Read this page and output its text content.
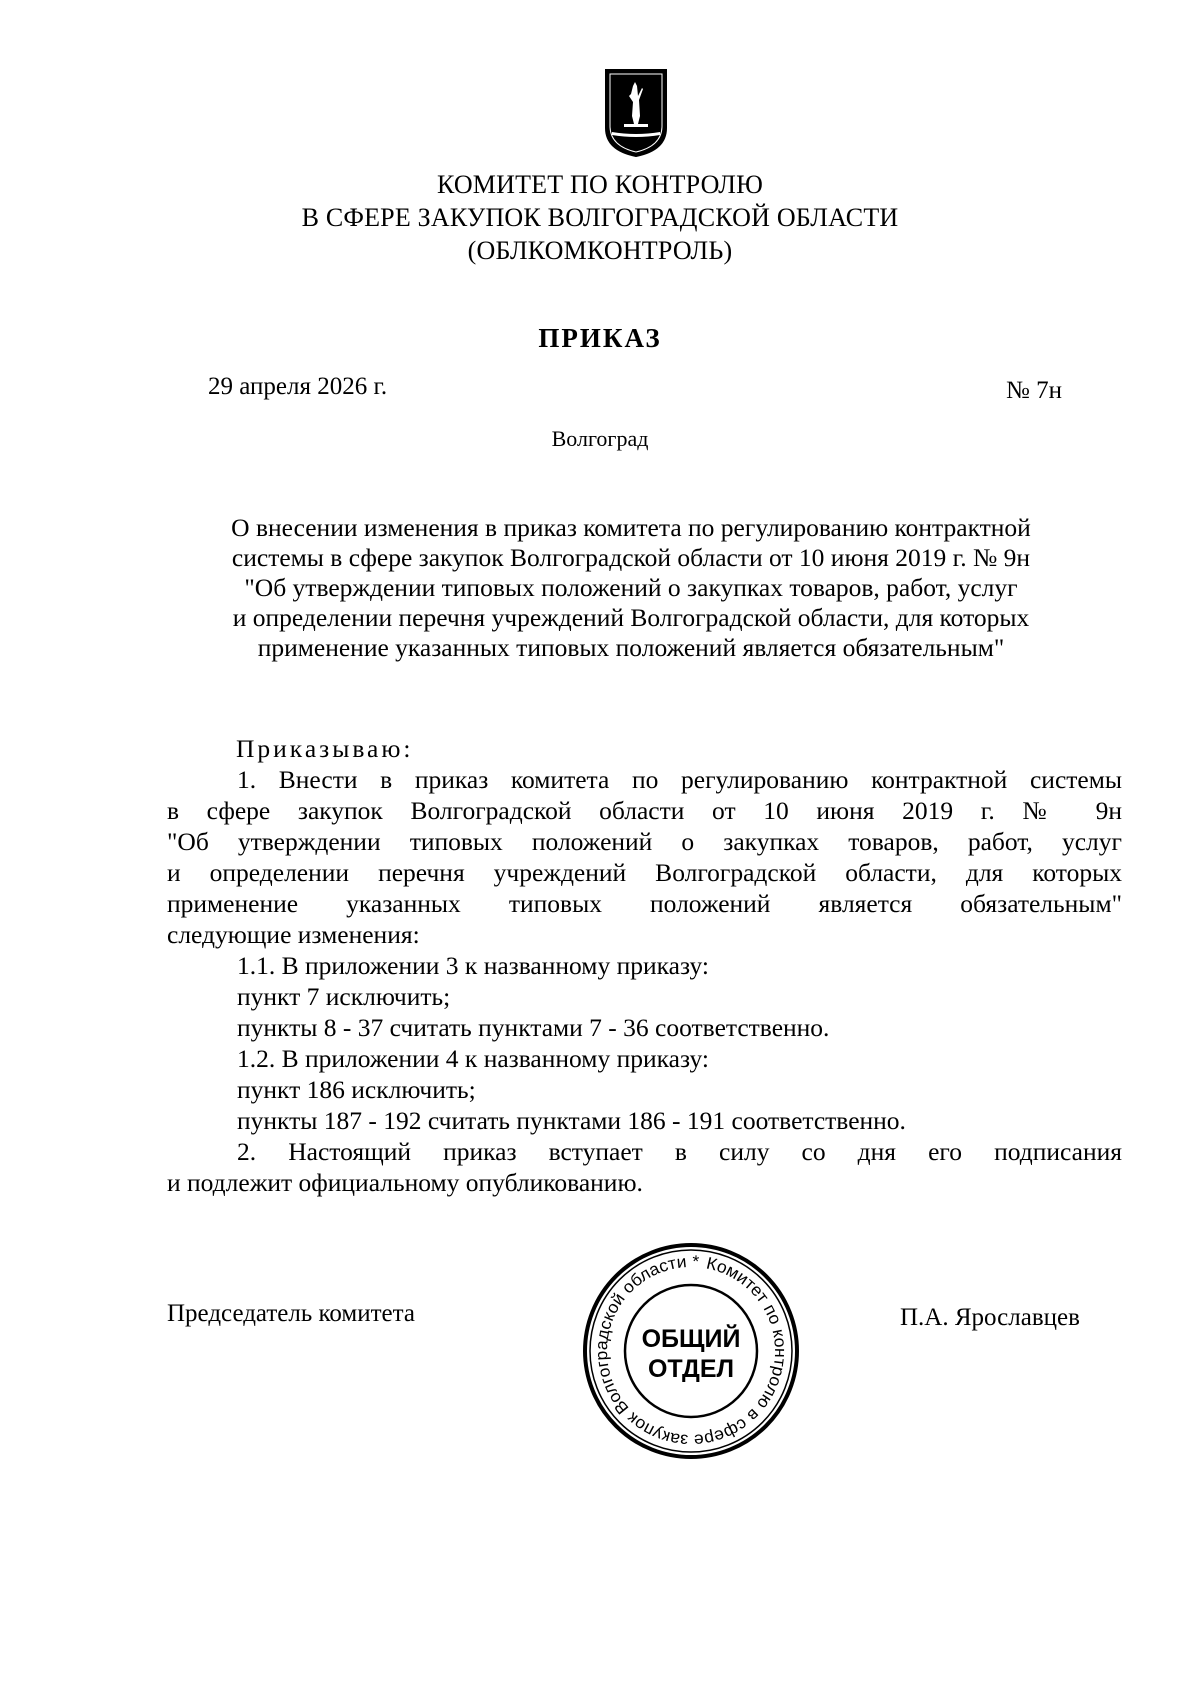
КОМИТЕТ ПО КОНТРОЛЮ
В СФЕРЕ ЗАКУПОК ВОЛГОГРАДСКОЙ ОБЛАСТИ
(ОБЛКОМКОНТРОЛЬ)
ПРИКАЗ
29 апреля 2026 г.	№ 7н
Волгоград
О внесении изменения в приказ комитета по регулированию контрактной
системы в сфере закупок Волгоградской области от 10 июня 2019 г. № 9н
"Об утверждении типовых положений о закупках товаров, работ, услуг
и определении перечня учреждений Волгоградской области, для которых
применение указанных типовых положений является обязательным"
Приказываю:
1. Внести в приказ комитета по регулированию контрактной системы
в сфере закупок Волгоградской области от 10 июня 2019 г. № 9н
"Об утверждении типовых положений о закупках товаров, работ, услуг
и определении перечня учреждений Волгоградской области, для которых
применение указанных типовых положений является обязательным"
следующие изменения:
1.1. В приложении 3 к названному приказу:
пункт 7 исключить;
пункты 8 - 37 считать пунктами 7 - 36 соответственно.
1.2. В приложении 4 к названному приказу:
пункт 186 исключить;
пункты 187 - 192 считать пунктами 186 - 191 соответственно.
2. Настоящий приказ вступает в силу со дня его подписания
и подлежит официальному опубликованию.
Председатель комитета	П.А. Ярославцев
Комитет по контролю в сфере закупок Волгоградской области *
ОБЩИЙ
ОТДЕЛ
